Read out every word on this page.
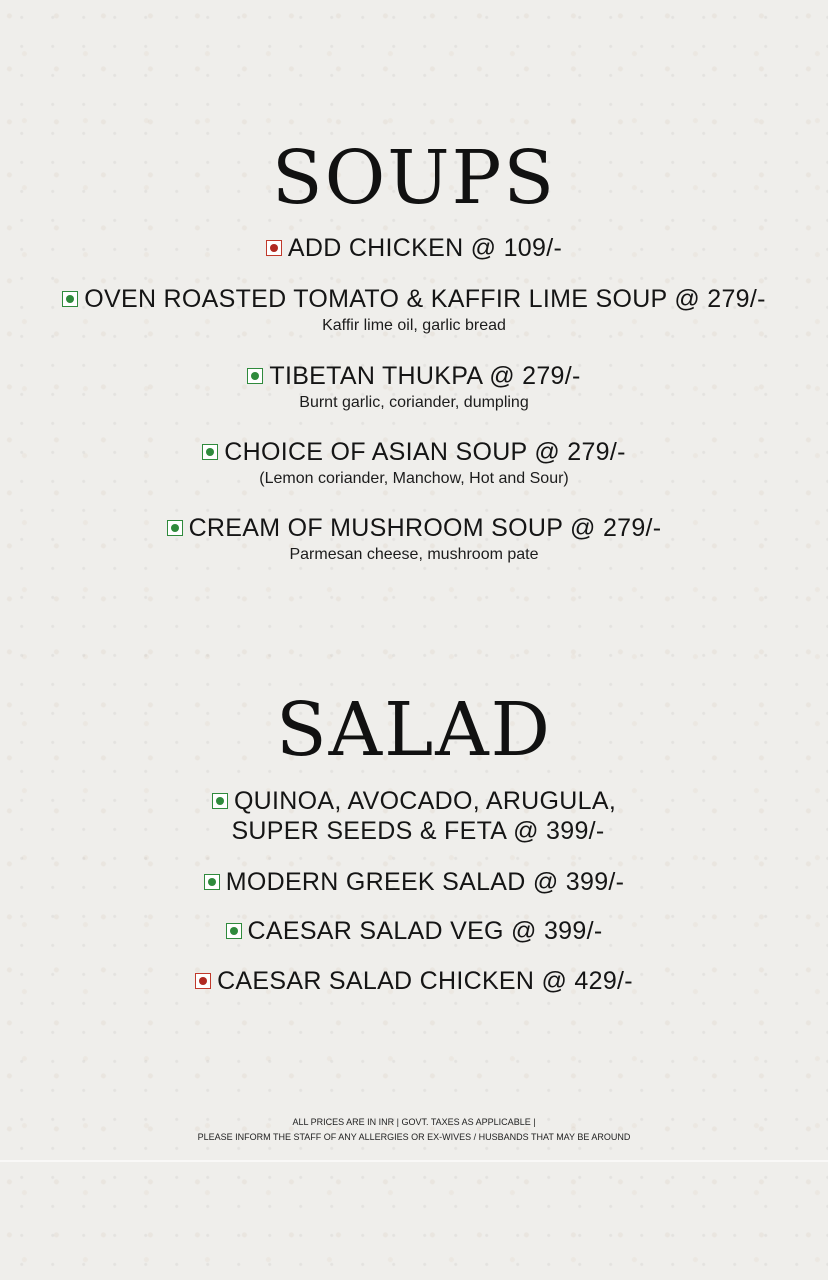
SOUPS
ADD CHICKEN @ 109/-
OVEN ROASTED TOMATO & KAFFIR LIME SOUP @ 279/-
Kaffir lime oil, garlic bread
TIBETAN THUKPA @ 279/-
Burnt garlic, coriander, dumpling
CHOICE OF ASIAN SOUP @ 279/-
(Lemon coriander, Manchow, Hot and Sour)
CREAM OF MUSHROOM SOUP @ 279/-
Parmesan cheese, mushroom pate
SALAD
QUINOA, AVOCADO, ARUGULA,
SUPER SEEDS & FETA @ 399/-
MODERN GREEK SALAD @ 399/-
CAESAR SALAD VEG @ 399/-
CAESAR SALAD CHICKEN @ 429/-
ALL PRICES ARE IN INR | GOVT. TAXES AS APPLICABLE |
PLEASE INFORM THE STAFF OF ANY ALLERGIES OR EX-WIVES / HUSBANDS THAT MAY BE AROUND
